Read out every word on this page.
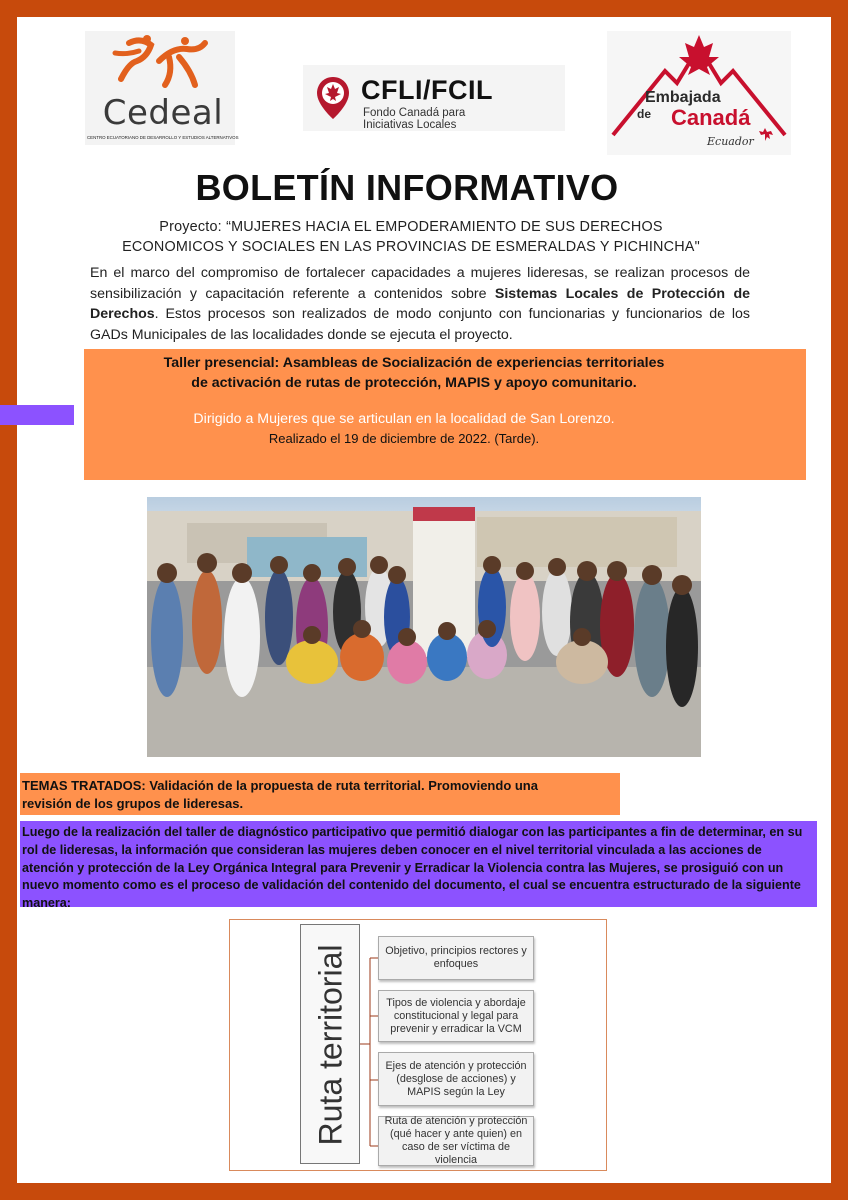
Cedeal
CENTRO ECUATORIANO DE DESARROLLO Y ESTUDIOS ALTERNATIVOS
CFLI/FCIL
Fondo Canadá para
Iniciativas Locales
Embajada
de Canadá
Ecuador
BOLETÍN INFORMATIVO
Proyecto: “MUJERES HACIA EL EMPODERAMIENTO DE SUS DERECHOS
ECONOMICOS Y SOCIALES EN LAS PROVINCIAS DE ESMERALDAS Y PICHINCHA"

En el marco del compromiso de fortalecer capacidades a mujeres lideresas, se realizan procesos de sensibilización y capacitación referente a contenidos sobre Sistemas Locales de Protección de Derechos. Estos procesos son realizados de modo conjunto con funcionarias y funcionarios de los GADs Municipales de las localidades donde se ejecuta el proyecto.

Taller presencial: Asambleas de Socialización de experiencias territoriales
de activación de rutas de protección, MAPIS y apoyo comunitario.
Dirigido a Mujeres que se articulan en la localidad de San Lorenzo.
Realizado el 19 de diciembre de 2022. (Tarde).
TEMAS TRATADOS: Validación de la propuesta de ruta territorial. Promoviendo una
revisión de los grupos de lideresas.
Luego de la realización del taller de diagnóstico participativo que permitió dialogar con las participantes a fin de determinar, en su rol de lideresas, la información que consideran las mujeres deben conocer en el nivel territorial vinculada a las acciones de atención y protección de la Ley Orgánica Integral para Prevenir y Erradicar la Violencia contra las Mujeres, se prosiguió con un nuevo momento como es el proceso de validación del contenido del documento, el cual se encuentra estructurado de la siguiente manera:
Ruta territorial	Objetivo, principios rectores y enfoques
Tipos de violencia y abordaje constitucional y legal para prevenir y erradicar la VCM
Ejes de atención y protección (desglose de acciones) y MAPIS según la Ley
Ruta de atención y protección (qué hacer y ante quien) en caso de ser víctima de violencia
